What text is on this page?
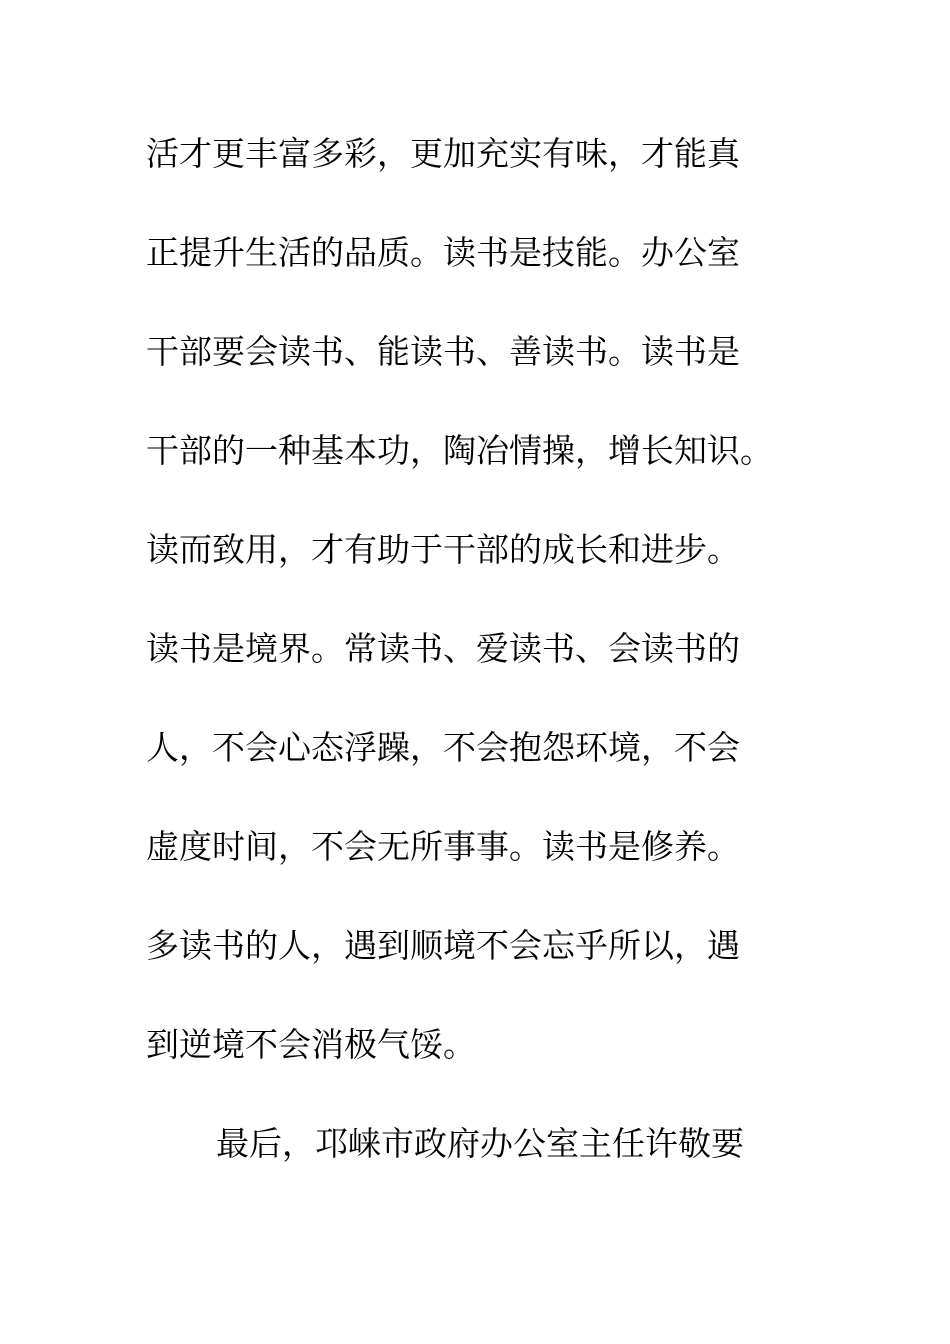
活才更丰富多彩，更加充实有味，才能真
正提升生活的品质。读书是技能。办公室
干部要会读书、能读书、善读书。读书是
干部的一种基本功，陶冶情操，增长知识。
读而致用，才有助于干部的成长和进步。
读书是境界。常读书、爱读书、会读书的
人，不会心态浮躁，不会抱怨环境，不会
虚度时间，不会无所事事。读书是修养。
多读书的人，遇到顺境不会忘乎所以，遇
到逆境不会消极气馁。
最后，邛崃市政府办公室主任许敬要
